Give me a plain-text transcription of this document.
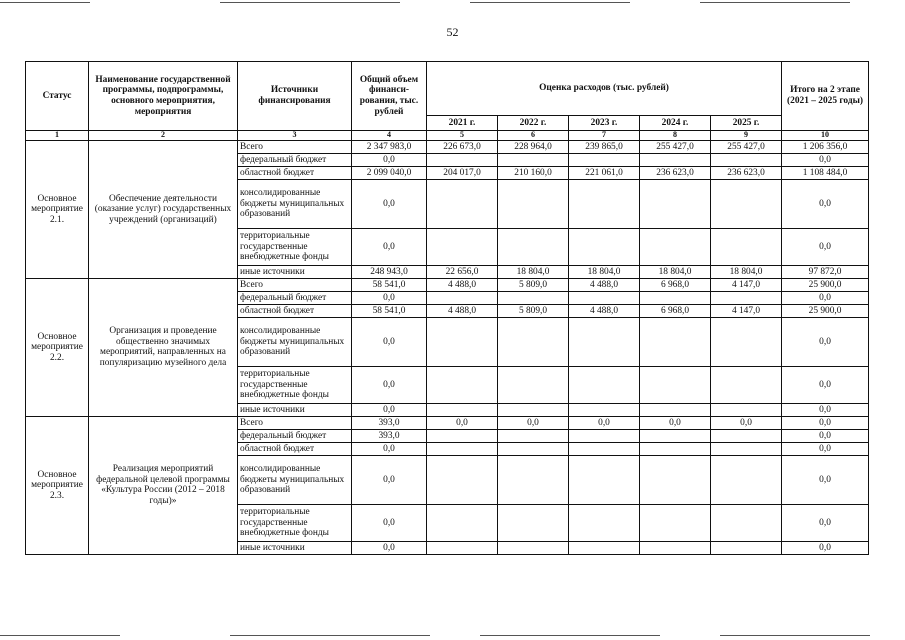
52
Статус	Наименование государственной программы, подпрограммы, основного мероприятия, мероприятия	Источники финансирования	Общий объем финанси-рования, тыс. рублей	Оценка расходов (тыс. рублей)					Итого на 2 этапе (2021 – 2025 годы)
				2021 г.	2022 г.	2023 г.	2024 г.	2025 г.	
1	2	3	4	5	6	7	8	9	10
Основное мероприятие 2.1.	Обеспечение деятельности (оказание услуг) государственных учреждений (организаций)	Всего	2 347 983,0	226 673,0	228 964,0	239 865,0	255 427,0	255 427,0	1 206 356,0
		федеральный бюджет	0,0						0,0
		областной бюджет	2 099 040,0	204 017,0	210 160,0	221 061,0	236 623,0	236 623,0	1 108 484,0
		консолидированные бюджеты муниципальных образований	0,0						0,0
		территориальные государственные внебюджетные фонды	0,0						0,0
		иные источники	248 943,0	22 656,0	18 804,0	18 804,0	18 804,0	18 804,0	97 872,0
Основное мероприятие 2.2.	Организация и проведение общественно значимых мероприятий, направленных на популяризацию музейного дела	Всего	58 541,0	4 488,0	5 809,0	4 488,0	6 968,0	4 147,0	25 900,0
		федеральный бюджет	0,0						0,0
		областной бюджет	58 541,0	4 488,0	5 809,0	4 488,0	6 968,0	4 147,0	25 900,0
		консолидированные бюджеты муниципальных образований	0,0						0,0
		территориальные государственные внебюджетные фонды	0,0						0,0
		иные источники	0,0						0,0
Основное мероприятие 2.3.	Реализация мероприятий федеральной целевой программы «Культура России (2012 – 2018 годы)»	Всего	393,0	0,0	0,0	0,0	0,0	0,0	0,0
		федеральный бюджет	393,0						0,0
		областной бюджет	0,0						0,0
		консолидированные бюджеты муниципальных образований	0,0						0,0
		территориальные государственные внебюджетные фонды	0,0						0,0
		иные источники	0,0						0,0
